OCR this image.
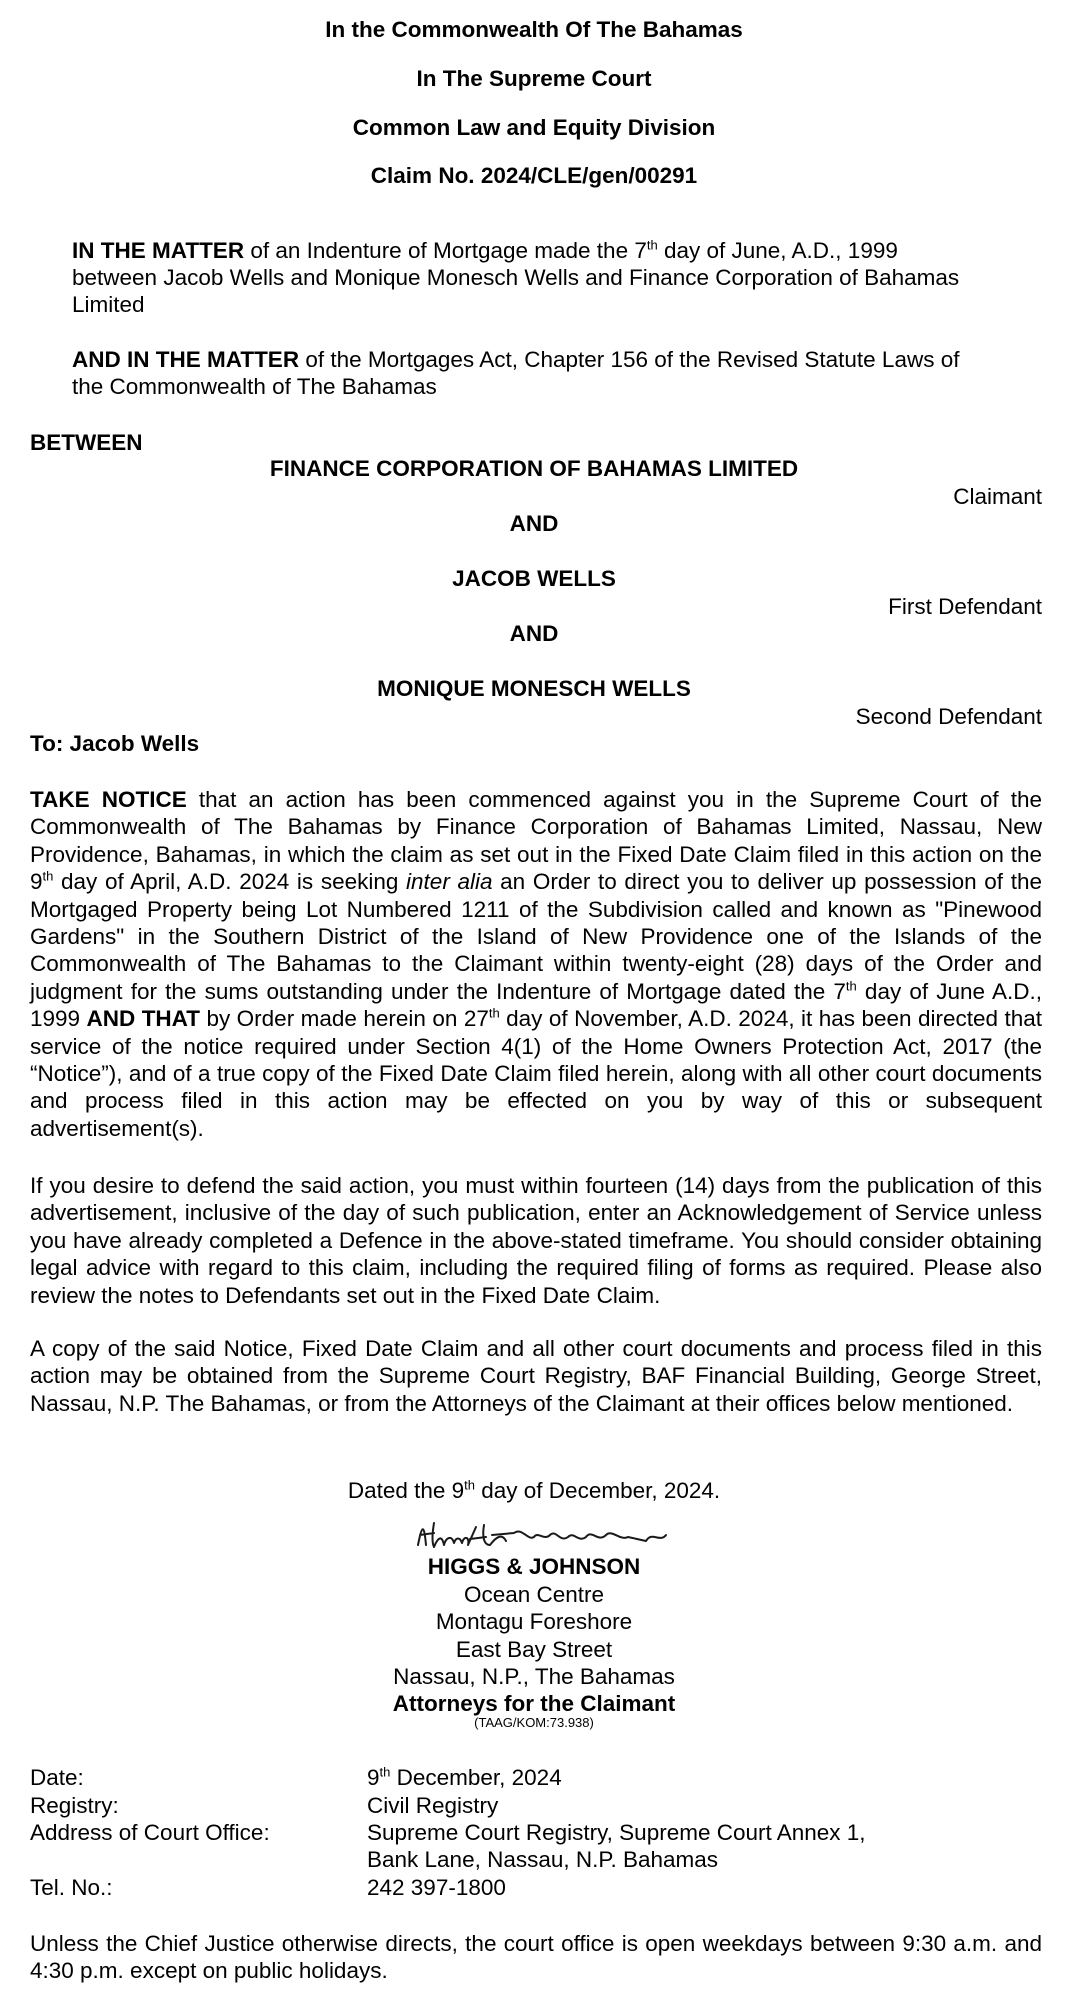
In the Commonwealth Of The Bahamas
In The Supreme Court
Common Law and Equity Division
Claim No. 2024/CLE/gen/00291
IN THE MATTER of an Indenture of Mortgage made the 7th day of June, A.D., 1999 between Jacob Wells and Monique Monesch Wells and Finance Corporation of Bahamas Limited
AND IN THE MATTER of the Mortgages Act, Chapter 156 of the Revised Statute Laws of the Commonwealth of The Bahamas
BETWEEN
FINANCE CORPORATION OF BAHAMAS LIMITED
Claimant
AND
JACOB WELLS
First Defendant
AND
MONIQUE MONESCH WELLS
Second Defendant
To: Jacob Wells
TAKE NOTICE that an action has been commenced against you in the Supreme Court of the Commonwealth of The Bahamas by Finance Corporation of Bahamas Limited, Nassau, New Providence, Bahamas, in which the claim as set out in the Fixed Date Claim filed in this action on the 9th day of April, A.D. 2024 is seeking inter alia an Order to direct you to deliver up possession of the Mortgaged Property being Lot Numbered 1211 of the Subdivision called and known as "Pinewood Gardens" in the Southern District of the Island of New Providence one of the Islands of the Commonwealth of The Bahamas to the Claimant within twenty-eight (28) days of the Order and judgment for the sums outstanding under the Indenture of Mortgage dated the 7th day of June A.D., 1999 AND THAT by Order made herein on 27th day of November, A.D. 2024, it has been directed that service of the notice required under Section 4(1) of the Home Owners Protection Act, 2017 (the “Notice”), and of a true copy of the Fixed Date Claim filed herein, along with all other court documents and process filed in this action may be effected on you by way of this or subsequent advertisement(s).
If you desire to defend the said action, you must within fourteen (14) days from the publication of this advertisement, inclusive of the day of such publication, enter an Acknowledgement of Service unless you have already completed a Defence in the above-stated timeframe. You should consider obtaining legal advice with regard to this claim, including the required filing of forms as required. Please also review the notes to Defendants set out in the Fixed Date Claim.
A copy of the said Notice, Fixed Date Claim and all other court documents and process filed in this action may be obtained from the Supreme Court Registry, BAF Financial Building, George Street, Nassau, N.P. The Bahamas, or from the Attorneys of the Claimant at their offices below mentioned.
Dated the 9th day of December, 2024.
HIGGS & JOHNSON
Ocean Centre
Montagu Foreshore
East Bay Street
Nassau, N.P., The Bahamas
Attorneys for the Claimant
(TAAG/KOM:73.938)
Date:	9th December, 2024
Registry:	Civil Registry
Address of Court Office:	Supreme Court Registry, Supreme Court Annex 1,
Bank Lane, Nassau, N.P. Bahamas
Tel. No.:	242 397-1800
Unless the Chief Justice otherwise directs, the court office is open weekdays between 9:30 a.m. and 4:30 p.m. except on public holidays.
